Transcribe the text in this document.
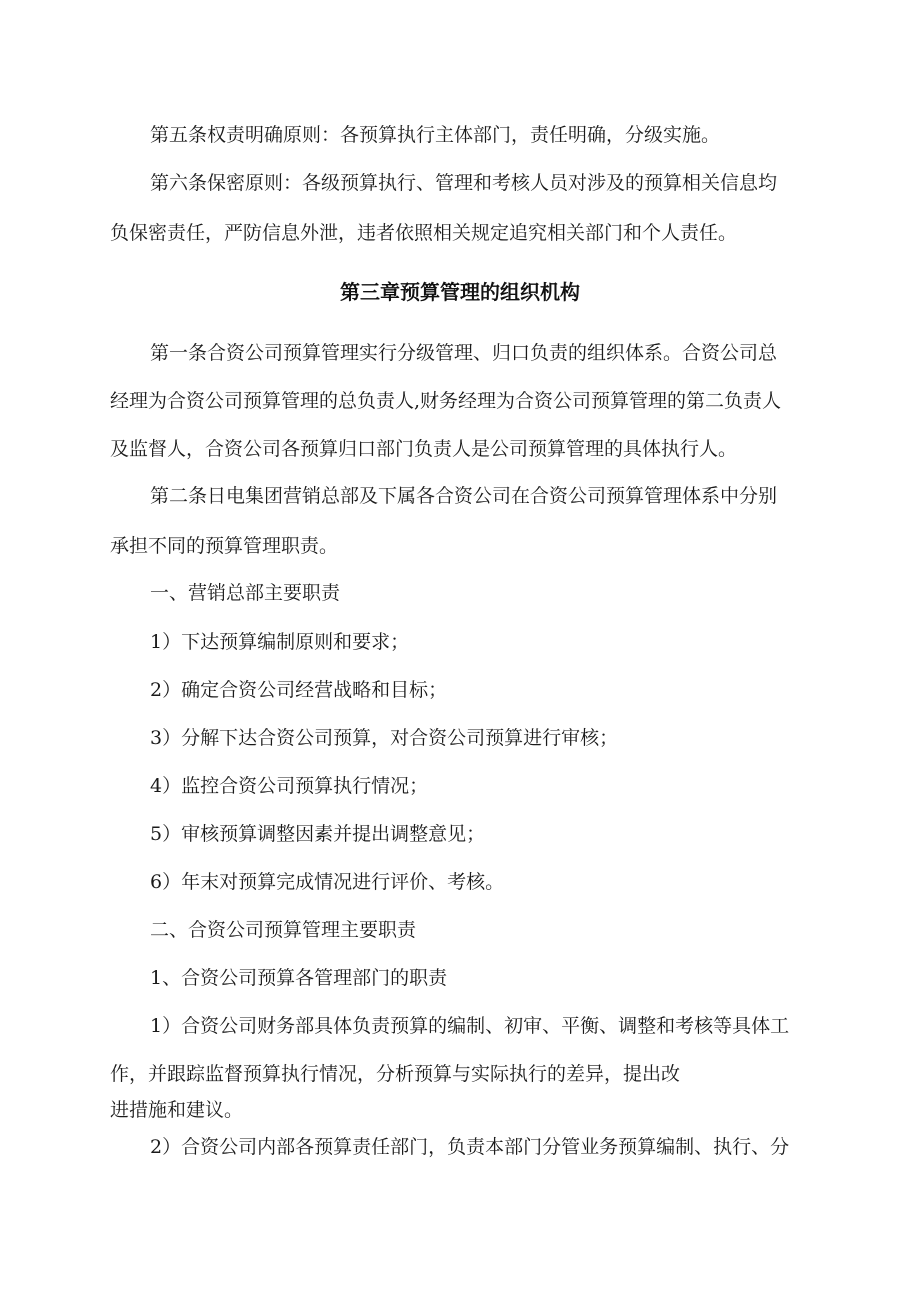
第五条权责明确原则：各预算执行主体部门，责任明确，分级实施。
第六条保密原则：各级预算执行、管理和考核人员对涉及的预算相关信息均
负保密责任，严防信息外泄，违者依照相关规定追究相关部门和个人责任。
第三章预算管理的组织机构
第一条合资公司预算管理实行分级管理、归口负责的组织体系。合资公司总
经理为合资公司预算管理的总负责人,财务经理为合资公司预算管理的第二负责人
及监督人，合资公司各预算归口部门负责人是公司预算管理的具体执行人。
第二条日电集团营销总部及下属各合资公司在合资公司预算管理体系中分别
承担不同的预算管理职责。
一、营销总部主要职责
1）下达预算编制原则和要求；
2）确定合资公司经营战略和目标；
3）分解下达合资公司预算，对合资公司预算进行审核；
4）监控合资公司预算执行情况；
5）审核预算调整因素并提出调整意见；
6）年末对预算完成情况进行评价、考核。
二、合资公司预算管理主要职责
1、合资公司预算各管理部门的职责
1）合资公司财务部具体负责预算的编制、初审、平衡、调整和考核等具体工
作，并跟踪监督预算执行情况，分析预算与实际执行的差异，提出改
进措施和建议。
2）合资公司内部各预算责任部门，负责本部门分管业务预算编制、执行、分
